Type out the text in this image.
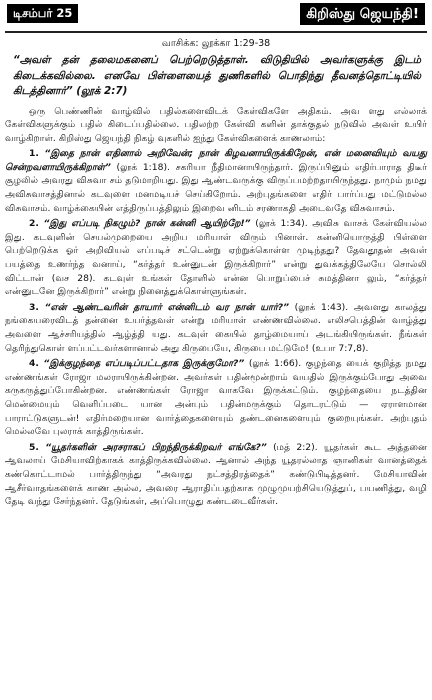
டிசம்பர் 25	கிறிஸ்து ஜெயந்தி!
வாசிக்க: லூக்கா 1:29-38
“அவள் தன் தலைமகனைப் பெற்றெடுத்தாள். விடுதியில் அவர்களுக்கு இடம் கிடைக்கவில்லை. எனவே பிள்ளையைத் துணிகளில் பொதிந்து தீவனத்தொட்டியில் கிடத்தினார்” (லூக் 2:7)

ஒரு பெண்ணின் வாழ்வில் பதில்களைவிடக் கேள்விகளே அதிகம். அவ ளது எல்லாக் கேள்விகளுக்கும் பதில் கிடைப்பதில்லை. பதிலற்ற கேள்வி களின் தாக்குதல் நடுவில் அவள் உயிர் வாழ்கிறாள். கிறிஸ்து ஜெயந்தி நிகழ் வுகளில் ஐந்து கேள்விகளைக் காணலாம்:

1. “இதை நான் எதினால் அறிவேன்; நான் கிழவனாயிருக்கிறேன், என் மனைவியும் வயது சென்றவளாயிருக்கிறாள்” (லூக் 1:18). சகரியா நீதிமானாயிருந்தார். இருப்பினும் எதிர்பாராத திடீர் சூழலில் அவரது விசுவா சம் தடுமாறியது. இது ஆண்டவருக்கு விருப்பமற்றதாயிருந்தது. நாமும் நமது அவிசுவாசத்தினால் கடவுளை மனமடியச் செய்கிறோம். அற்புதங்களை எதிர் பார்ப்பது மட்டுமல்ல விசுவாசம். வாழ்க்கையின் எத்திருப்பத்திலும் இறைவ னிடம் சரணாகதி அடைவதே விசுவாசம்.

2. “இது எப்படி நிகழும்? நான் கன்னி ஆயிற்றே!” (லூக் 1:34). அவிசு வாசக் கேள்வியல்ல இது. கடவுளின் செயல்முறையை அறிய மரியாள் விரும் பினாள். கன்னியொருத்தி பிள்ளை பெற்றெடுக்க ஓர் அறிவியல் எப்படிச் சட்டென்று ஏற்றுக்கொள்ள முடிந்தது? தேவதூதன் அவள் பயத்தை உணர்ந்த வனாய், “கர்த்தர் உன்னுடன் இருக்கிறார்” என்று துவக்கத்திலேயே சொல்லி விட்டான் (வச 28). கடவுள் உங்கள் தோளில் என்ன பொறுப்பைச் சுமத்தினா லும், “கர்த்தர் என்னுடனே இருக்கிறார்” என்று நினைத்துக்கொள்ளுங்கள்.

3. “என் ஆண்டவரின் தாயார் என்னிடம் வர நான் யார்?” (லூக் 1:43). அவளது காலத்து நங்கையரைவிடத் தன்னை உயர்த்தவள் என்று மரியாள் எண்ணவில்லை. எலிசபெத்தின் வாழ்த்து அவளை ஆச்சரியத்தில் ஆழ்த்தி யது. கடவுள் கையில் தாழ்மையாய் அடங்கியிருங்கள். நீங்கள் தெரிந்துகொள் ளப்பட்டவர்களானால் அது கிருபையே, கிருபை மட்டுமே! (உபா 7:7,8).

4. “இக்குழந்தை எப்படிப்பட்டதாக இருக்குமோ?” (லூக் 1:66). குழந்தை யைக் குறித்த நமது எண்ணங்கள் ரோஜா மலராயிருக்கின்றன. அவர்கள் பதின்மூன்றாம் வயதில் இருக்கும்போது அவை கருகருத்துப்போகின்றன. எண்ணங்கள் ரோஜா வாகவே இருக்கட்டும். குழந்தையை நடத்தின மென்மையும் வெளிப்படை யான அன்பும் பதின்மருக்கும் தொடரட்டும் — ஏராளமான பாராட்டுகளுடன்! எதிர்மறையான வார்த்தைகளையும் தண்டனைகளையும் குறையுங்கள். அற்புதம் மெல்லவே புலராக் காத்திருங்கள்.

5. “யூதர்களின் அரசராகப் பிறந்திருக்கிறவர் எங்கே?” (மத் 2:2). யூதர்கள் கூட அத்தனை ஆவலாய் மேசியாவிற்காகக் காத்திருக்கவில்லை. ஆனால் அந்த யூதரல்லாத ஞானிகள் வானத்தைக் கண்கொட்டாமல் பார்த்திருந்து “அவரது நட்சத்திரத்தைக்” கண்டுபிடித்தனர். மேசியாவின் ஆசீர்வாதங்களைக் காண அல்ல, அவரை ஆராதிப்பதற்காக முழுமுயற்சியெடுத்துப், பயணித்து, வழி தேடி வந்து சேர்ந்தனர். தேடுங்கள், அப்பொழுது கண்டடைவீர்கள்.
